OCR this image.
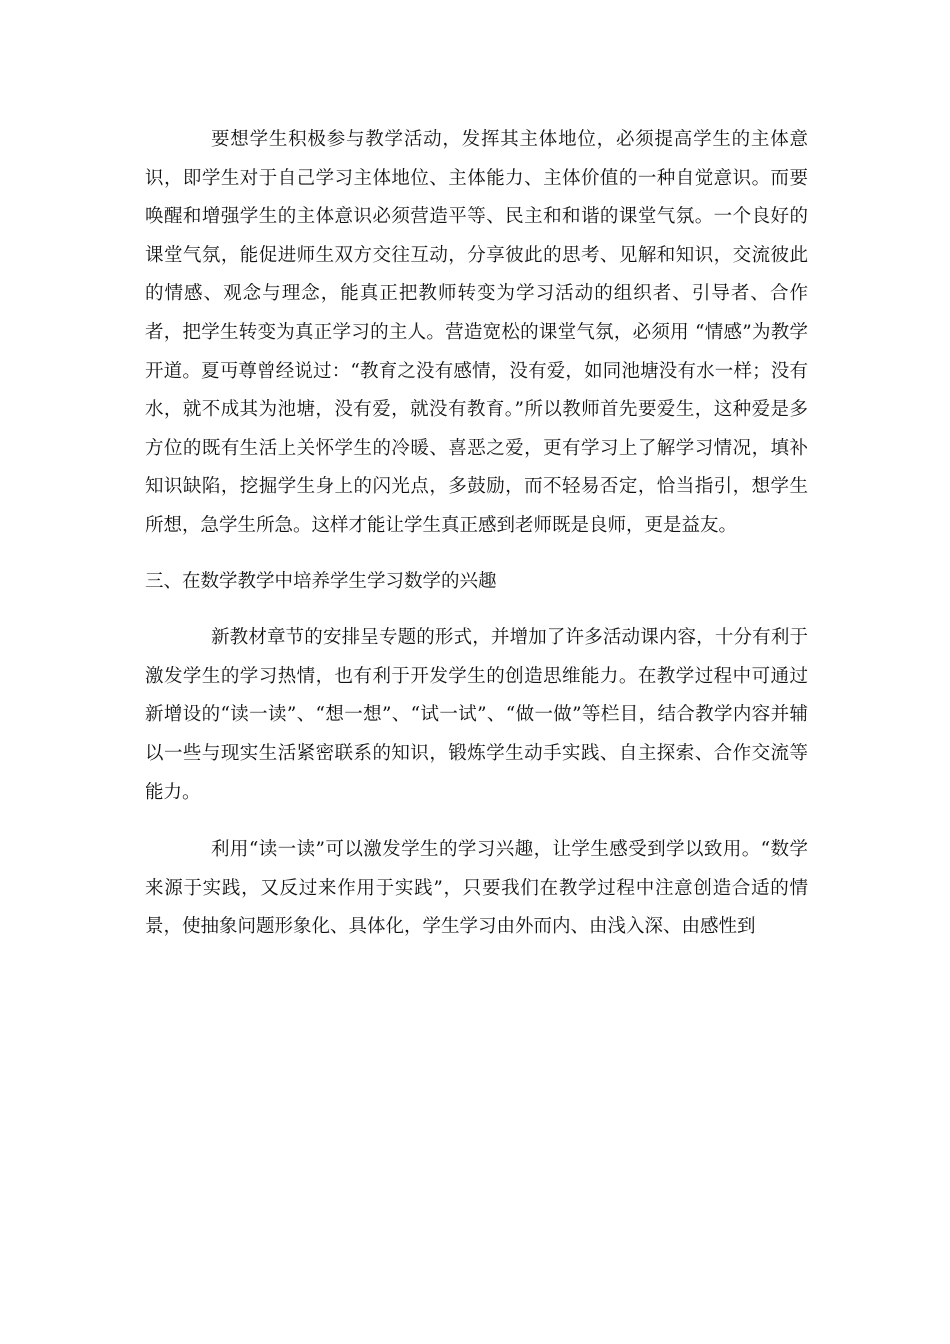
要想学生积极参与教学活动，发挥其主体地位，必须提高学生的主体意识，即学生对于自己学习主体地位、主体能力、主体价值的一种自觉意识。而要唤醒和增强学生的主体意识必须营造平等、民主和和谐的课堂气氛。一个良好的课堂气氛，能促进师生双方交往互动，分享彼此的思考、见解和知识，交流彼此的情感、观念与理念，能真正把教师转变为学习活动的组织者、引导者、合作者，把学生转变为真正学习的主人。营造宽松的课堂气氛，必须用 “情感”为教学开道。夏丏尊曾经说过：“教育之没有感情，没有爱，如同池塘没有水一样；没有水，就不成其为池塘，没有爱，就没有教育。”所以教师首先要爱生，这种爱是多方位的既有生活上关怀学生的冷暖、喜恶之爱，更有学习上了解学习情况，填补知识缺陷，挖掘学生身上的闪光点，多鼓励，而不轻易否定，恰当指引，想学生所想，急学生所急。这样才能让学生真正感到老师既是良师，更是益友。

三、在数学教学中培养学生学习数学的兴趣

新教材章节的安排呈专题的形式，并增加了许多活动课内容，十分有利于激发学生的学习热情，也有利于开发学生的创造思维能力。在教学过程中可通过新增设的“读一读”、“想一想”、“试一试”、“做一做”等栏目，结合教学内容并辅以一些与现实生活紧密联系的知识，锻炼学生动手实践、自主探索、合作交流等能力。

利用“读一读”可以激发学生的学习兴趣，让学生感受到学以致用。“数学来源于实践，又反过来作用于实践”，只要我们在教学过程中注意创造合适的情景，使抽象问题形象化、具体化，学生学习由外而内、由浅入深、由感性到
